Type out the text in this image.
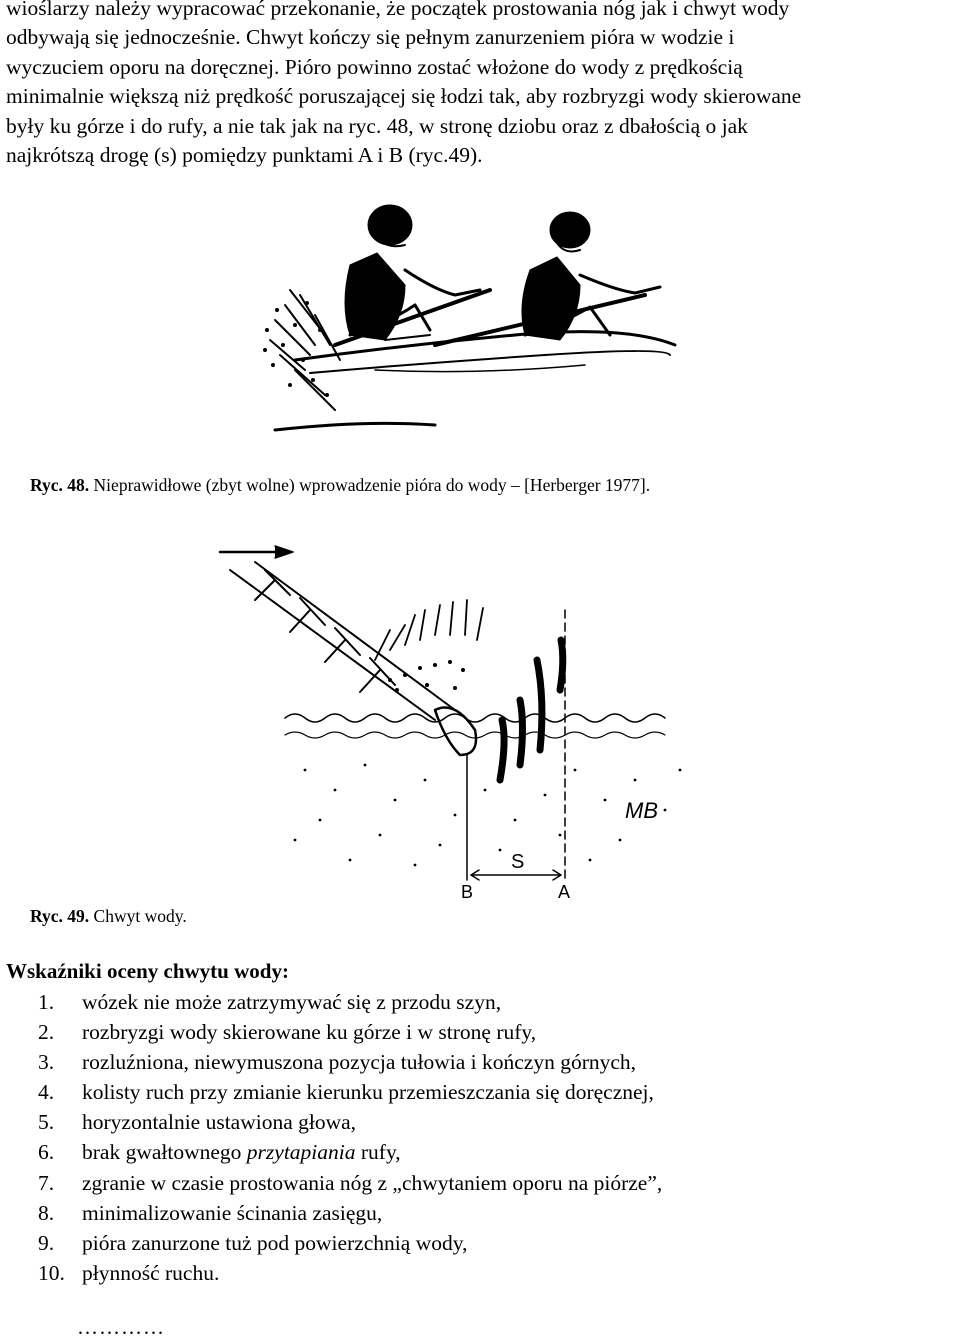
wioślarzy należy wypracować przekonanie, że początek prostowania nóg jak i chwyt wody
odbywają się jednocześnie. Chwyt kończy się pełnym zanurzeniem pióra w wodzie i
wyczuciem oporu na doręcznej. Pióro powinno zostać włożone do wody z prędkością
minimalnie większą niż prędkość poruszającej się łodzi tak, aby rozbryzgi wody skierowane
były ku górze i do rufy, a nie tak jak na ryc. 48, w stronę dziobu oraz z dbałością o jak
najkrótszą drogę (s) pomiędzy punktami A i B (ryc.49).
Ryc. 48. Nieprawidłowe (zbyt wolne) wprowadzenie pióra do wody – [Herberger 1977].
S
B	A
MB
Ryc. 49. Chwyt wody.
Wskaźniki oceny chwytu wody:
1. wózek nie może zatrzymywać się z przodu szyn,
2. rozbryzgi wody skierowane ku górze i w stronę rufy,
3. rozluźniona, niewymuszona pozycja tułowia i kończyn górnych,
4. kolisty ruch przy zmianie kierunku przemieszczania się doręcznej,
5. horyzontalnie ustawiona głowa,
6. brak gwałtownego przytapiania rufy,
7. zgranie w czasie prostowania nóg z „chwytaniem oporu na piórze”,
8. minimalizowanie ścinania zasięgu,
9. pióra zanurzone tuż pod powierzchnią wody,
10. płynność ruchu.
…………
